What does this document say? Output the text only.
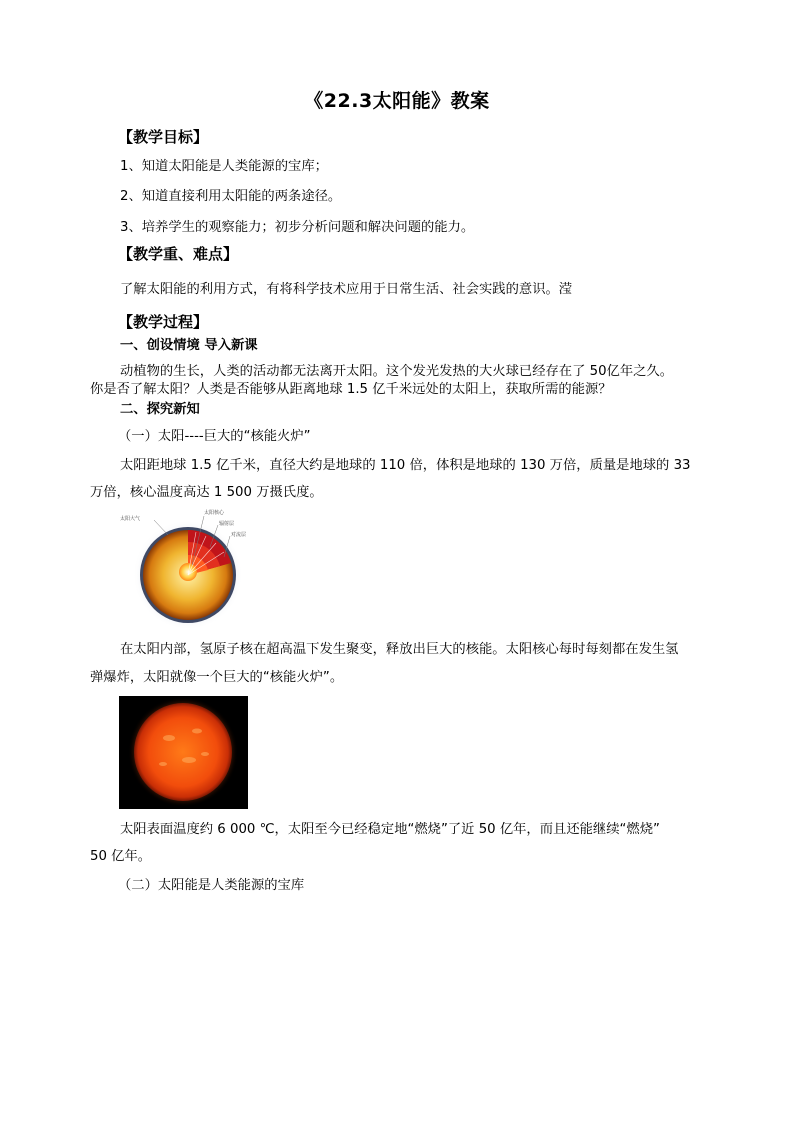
《22.3太阳能》教案
【教学目标】
1、知道太阳能是人类能源的宝库；
2、知道直接利用太阳能的两条途径。
3、培养学生的观察能力；初步分析问题和解决问题的能力。
【教学重、难点】
了解太阳能的利用方式，有将科学技术应用于日常生活、社会实践的意识。滢
【教学过程】
一、创设情境 导入新课
动植物的生长，人类的活动都无法离开太阳。这个发光发热的大火球已经存在了 50亿年之久。
你是否了解太阳？人类是否能够从距离地球 1.5 亿千米远处的太阳上，获取所需的能源？
二、探究新知
（一）太阳----巨大的“核能火炉”
太阳距地球 1.5 亿千米，直径大约是地球的 110 倍，体积是地球的 130 万倍，质量是地球的 33
万倍，核心温度高达 1 500 万摄氏度。
太阳大气
太阳核心
辐射层
对流层
在太阳内部，氢原子核在超高温下发生聚变，释放出巨大的核能。太阳核心每时每刻都在发生氢
弹爆炸，太阳就像一个巨大的“核能火炉”。
太阳表面温度约 6 000 ℃，太阳至今已经稳定地“燃烧”了近 50 亿年，而且还能继续“燃烧”
50 亿年。
（二）太阳能是人类能源的宝库
